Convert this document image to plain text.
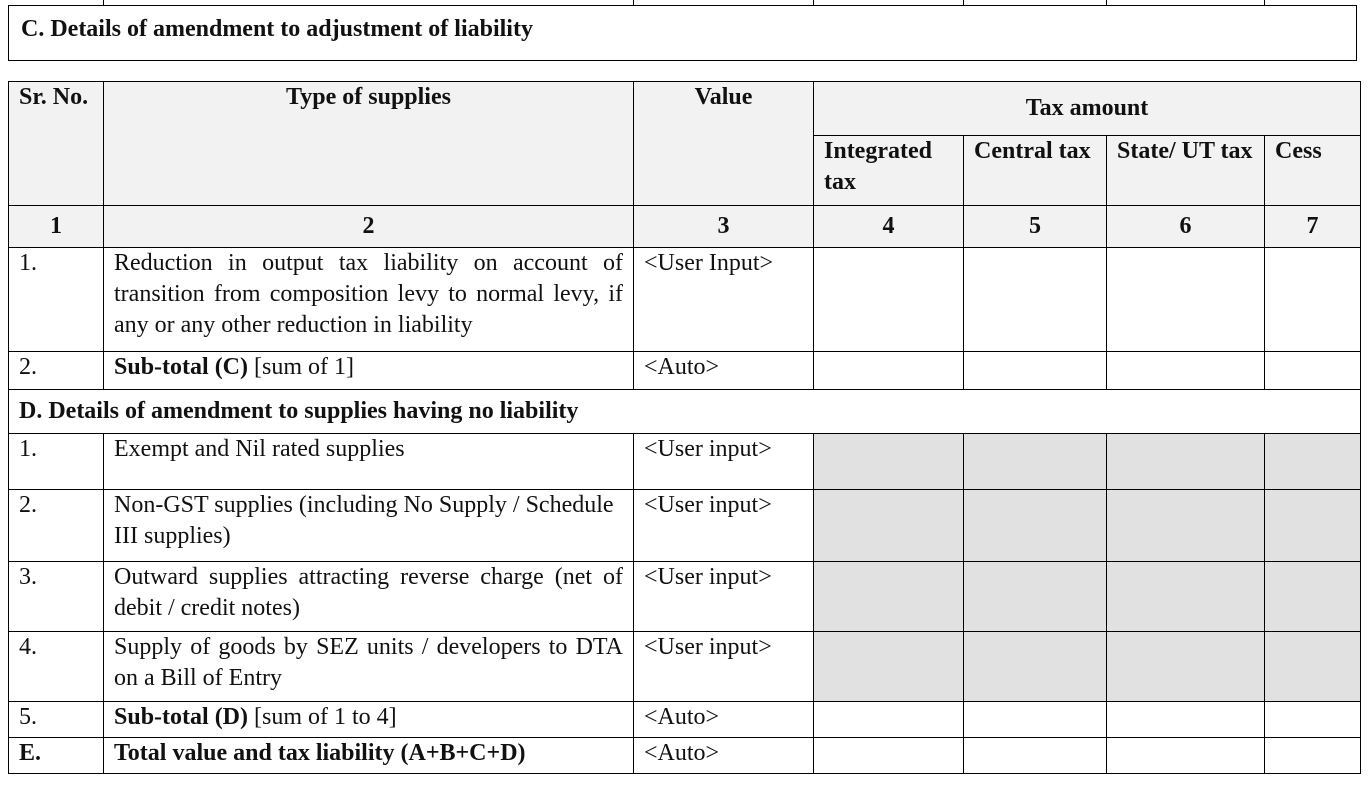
C. Details of amendment to adjustment of liability
Sr. No.	Type of supplies	Value	Tax amount			
			Integrated tax	Central tax	State/ UT tax	Cess
1	2	3	4	5	6	7
1.	Reduction in output tax liability on account of transition from composition levy to normal levy, if any or any other reduction in liability	<User Input>				
2.	Sub-total (C) [sum of 1]	<Auto>				
D. Details of amendment to supplies having no liability						
1.	Exempt and Nil rated supplies	<User input>				
2.	Non-GST supplies (including No Supply / Schedule III supplies)	<User input>				
3.	Outward supplies attracting reverse charge (net of debit / credit notes)	<User input>				
4.	Supply of goods by SEZ units / developers to DTA on a Bill of Entry	<User input>				
5.	Sub-total (D) [sum of 1 to 4]	<Auto>				
E.	Total value and tax liability (A+B+C+D)	<Auto>				
